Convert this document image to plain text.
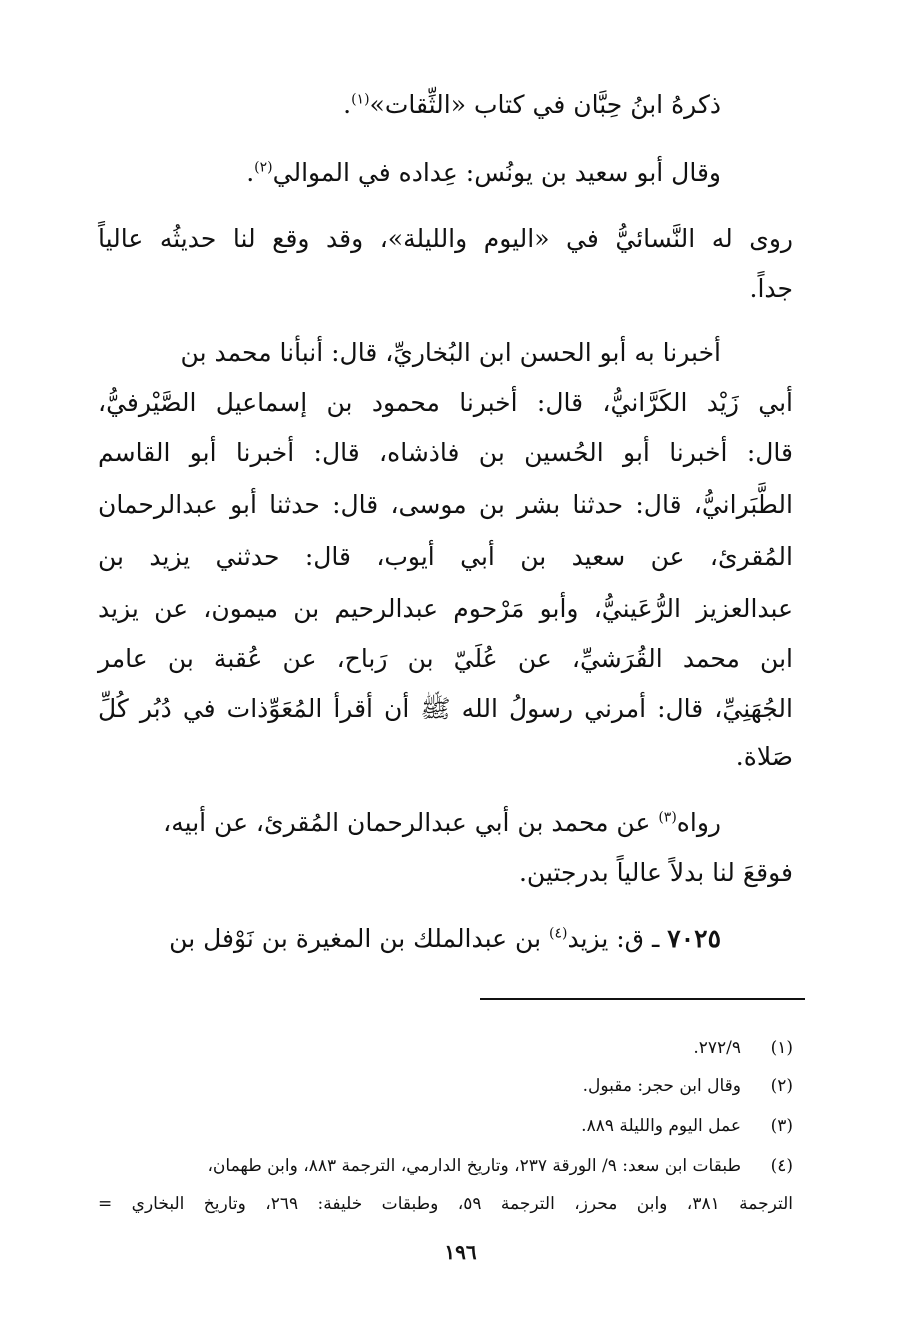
ذكرهُ ابنُ حِبَّان في كتاب «الثِّقات»$^{(١)}$.
وقال أبو سعيد بن يونُس: عِداده في الموالي$^{(٢)}$.
روى له النَّسائيُّ في «اليوم والليلة»، وقد وقع لنا حديثُه عالياً
جداً.
أخبرنا به أبو الحسن ابن البُخاريِّ، قال: أنبأنا محمد بن
أبي زَيْد الكَرَّانيُّ، قال: أخبرنا محمود بن إسماعيل الصَّيْرفيُّ،
قال: أخبرنا أبو الحُسين بن فاذشاه، قال: أخبرنا أبو القاسم
الطَّبَرانيُّ، قال: حدثنا بشر بن موسى، قال: حدثنا أبو عبدالرحمان
المُقرئ، عن سعيد بن أبي أيوب، قال: حدثني يزيد بن
عبدالعزيز الرُّعَينيُّ، وأبو مَرْحوم عبدالرحيم بن ميمون، عن يزيد
ابن محمد القُرَشيِّ، عن عُلَيّ بن رَباح، عن عُقبة بن عامر
الجُهَنِيِّ، قال: أمرني رسولُ الله ﷺ أن أقرأ المُعَوِّذات في دُبُر كُلِّ
صَلاة.
رواه$^{(٣)}$ عن محمد بن أبي عبدالرحمان المُقرئ، عن أبيه،
فوقعَ لنا بدلاً عالياً بدرجتين.
٧٠٢٥ ـ ق: يزيد$^{(٤)}$ بن عبدالملك بن المغيرة بن نَوْفل بن
(١)
٢٧٢/٩.
(٢)
وقال ابن حجر: مقبول.
(٣)
عمل اليوم والليلة ٨٨٩.
(٤)
طبقات ابن سعد: ٩/ الورقة ٢٣٧، وتاريخ الدارمي، الترجمة ٨٨٣، وابن طهمان،
الترجمة ٣٨١، وابن محرز، الترجمة ٥٩، وطبقات خليفة: ٢٦٩، وتاريخ البخاري =
١٩٦
